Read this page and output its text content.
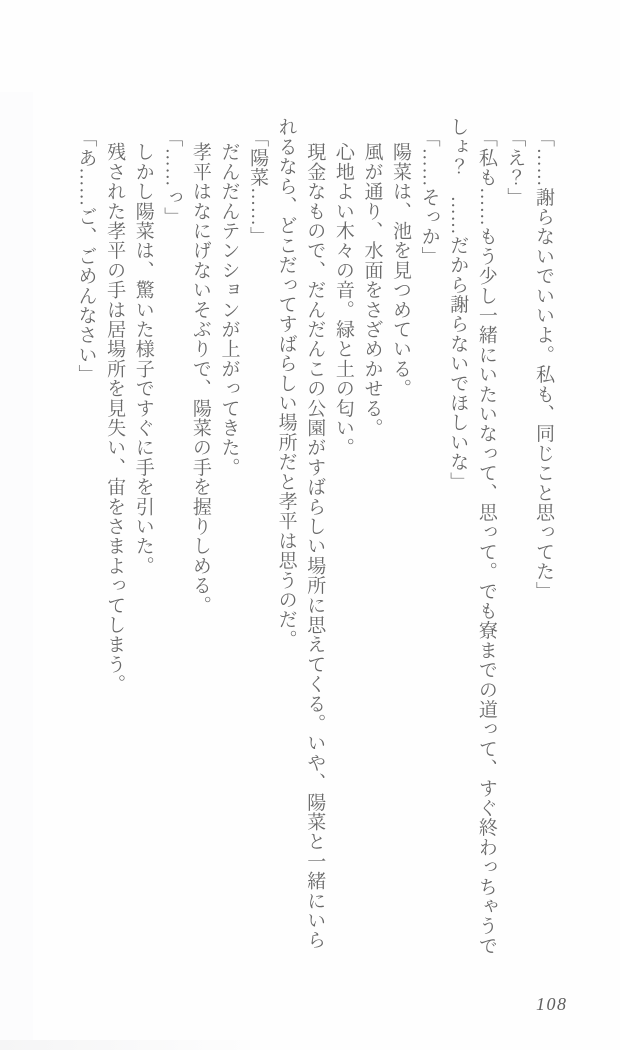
「……謝らないでいいよ。私も、同じこと思ってた」

「え？」

「私も……もう少し一緒にいたいなって、思って。でも寮までの道って、すぐ終わっちゃうで

しょ？　……だから謝らないでほしいな」

「……そっか」

陽菜は、池を見つめている。

風が通り、水面をさざめかせる。

心地よい木々の音。緑と土の匂い。

現金なもので、だんだんこの公園がすばらしい場所に思えてくる。いや、陽菜と一緒にいら

れるなら、どこだってすばらしい場所だと孝平は思うのだ。

「陽菜……」

だんだんテンションが上がってきた。

孝平はなにげないそぶりで、陽菜の手を握りしめる。

「……っ」

しかし陽菜は、驚いた様子ですぐに手を引いた。

残された孝平の手は居場所を見失い、宙をさまよってしまう。

「あ……ご、ごめんなさい」

108
